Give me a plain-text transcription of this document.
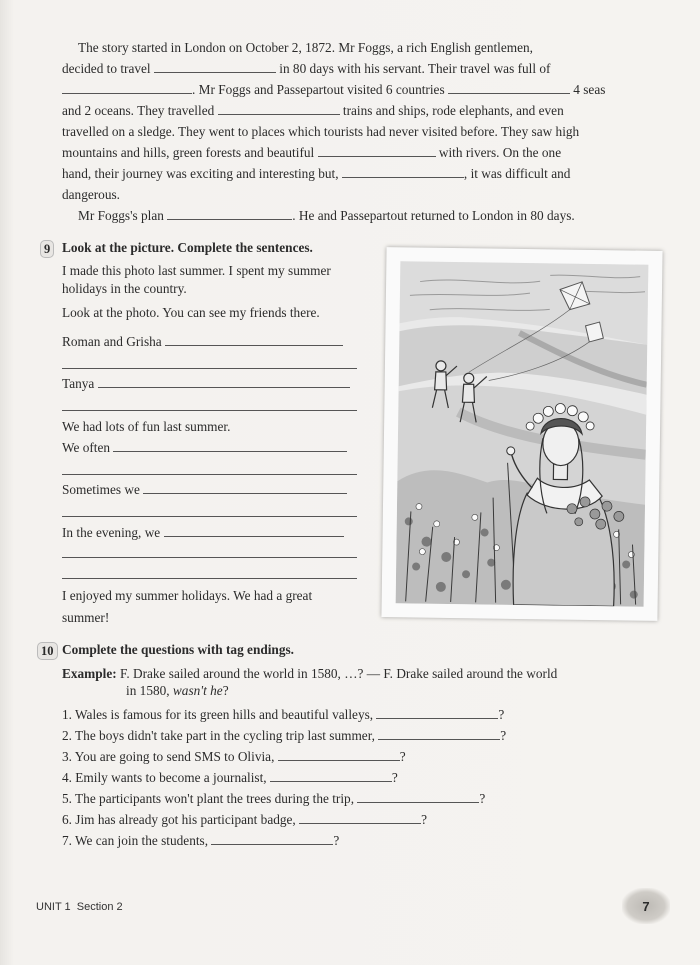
The story started in London on October 2, 1872. Mr Foggs, a rich English gentlemen,
decided to travel	in 80 days with his servant. Their travel was full of
. Mr Foggs and Passepartout visited 6 countries	4 seas
and 2 oceans. They travelled	trains and ships, rode elephants, and even
travelled on a sledge. They went to places which tourists had never visited before. They saw high
mountains and hills, green forests and beautiful	with rivers. On the one
hand, their journey was exciting and interesting but,	, it was difficult and
dangerous.
Mr Foggs's plan	. He and Passepartout returned to London in 80 days.
9 Look at the picture. Complete the sentences.
I made this photo last summer. I spent my summer
holidays in the country.
Look at the photo. You can see my friends there.
Roman and Grisha
Tanya
We had lots of fun last summer.
We often
Sometimes we
In the evening, we
I enjoyed my summer holidays. We had a great
summer!
10 Complete the questions with tag endings.
Example: F. Drake sailed around the world in 1580, …? — F. Drake sailed around the world
in 1580, wasn't he?
1. Wales is famous for its green hills and beautiful valleys,	?
2. The boys didn't take part in the cycling trip last summer,	?
3. You are going to send SMS to Olivia,	?
4. Emily wants to become a journalist,	?
5. The participants won't plant the trees during the trip,	?
6. Jim has already got his participant badge,	?
7. We can join the students,	?
UNIT 1 Section 2	7
